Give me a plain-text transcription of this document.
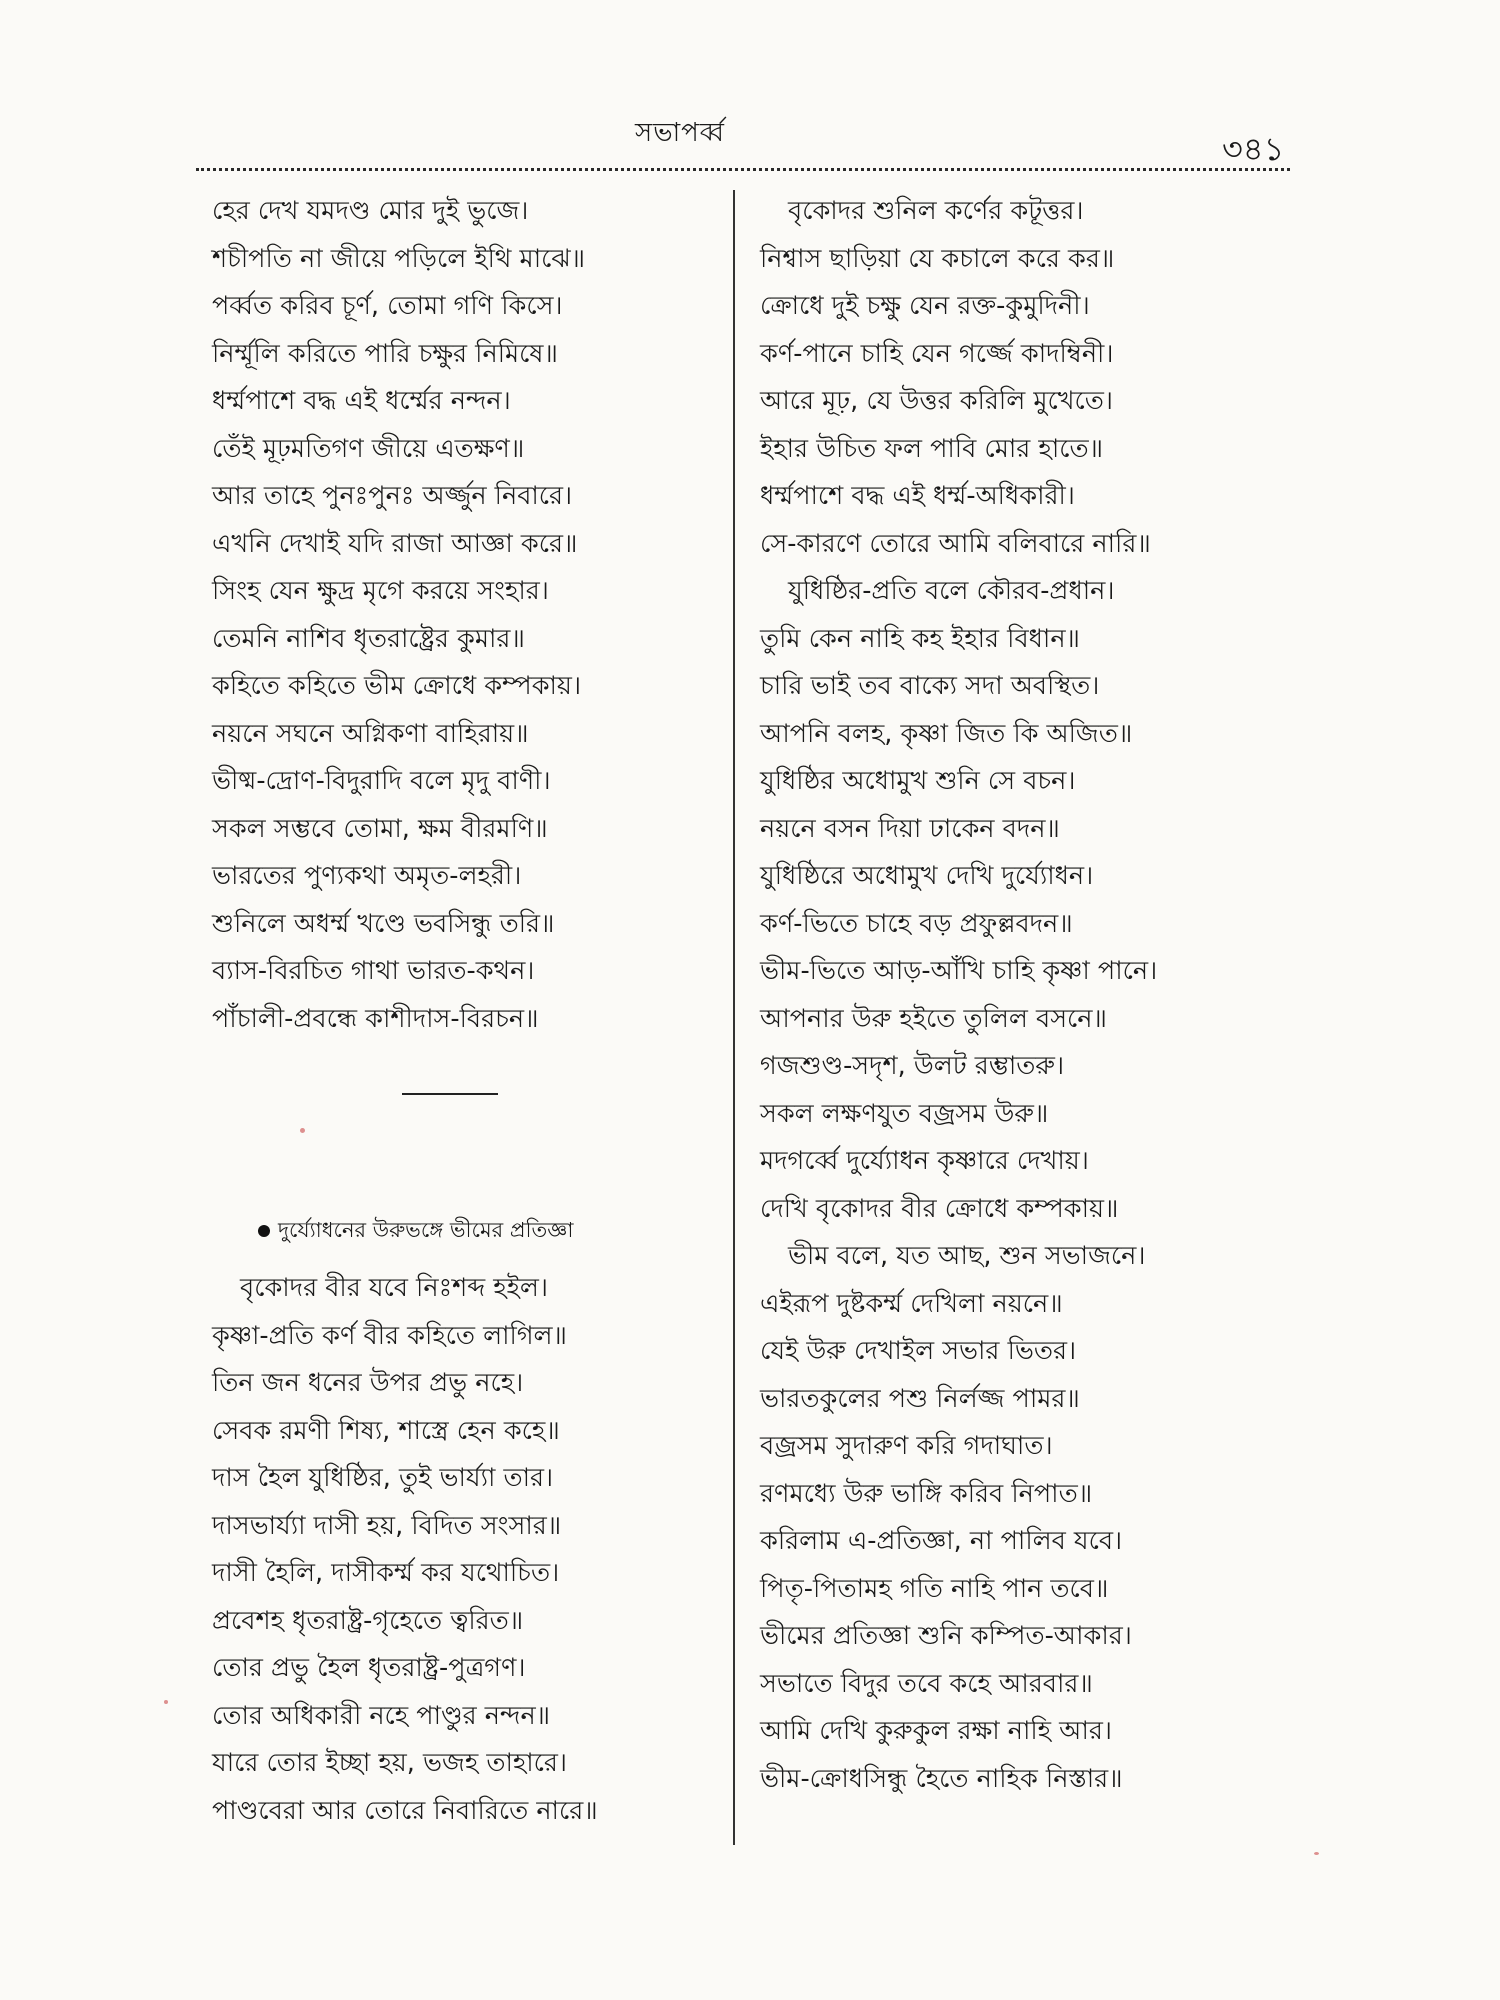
সভাপর্ব্ব	৩৪১
হের দেখ যমদণ্ড মোর দুই ভুজে।
শচীপতি না জীয়ে পড়িলে ইথি মাঝে॥
পর্ব্বত করিব চূর্ণ, তোমা গণি কিসে।
নির্ম্মূলি করিতে পারি চক্ষুর নিমিষে॥
ধর্ম্মপাশে বদ্ধ এই ধর্ম্মের নন্দন।
তেঁই মূঢ়মতিগণ জীয়ে এতক্ষণ॥
আর তাহে পুনঃপুনঃ অর্জ্জুন নিবারে।
এখনি দেখাই যদি রাজা আজ্ঞা করে॥
সিংহ যেন ক্ষুদ্র মৃগে করয়ে সংহার।
তেমনি নাশিব ধৃতরাষ্ট্রের কুমার॥
কহিতে কহিতে ভীম ক্রোধে কম্পকায়।
নয়নে সঘনে অগ্নিকণা বাহিরায়॥
ভীষ্ম-দ্রোণ-বিদুরাদি বলে মৃদু বাণী।
সকল সম্ভবে তোমা, ক্ষম বীরমণি॥
ভারতের পুণ্যকথা অমৃত-লহরী।
শুনিলে অধর্ম্ম খণ্ডে ভবসিন্ধু তরি॥
ব্যাস-বিরচিত গাথা ভারত-কথন।
পাঁচালী-প্রবন্ধে কাশীদাস-বিরচন॥
দুর্য্যোধনের উরুভঙ্গে ভীমের প্রতিজ্ঞা
বৃকোদর বীর যবে নিঃশব্দ হইল।
কৃষ্ণা-প্রতি কর্ণ বীর কহিতে লাগিল॥
তিন জন ধনের উপর প্রভু নহে।
সেবক রমণী শিষ্য, শাস্ত্রে হেন কহে॥
দাস হৈল যুধিষ্ঠির, তুই ভার্য্যা তার।
দাসভার্য্যা দাসী হয়, বিদিত সংসার॥
দাসী হৈলি, দাসীকর্ম্ম কর যথোচিত।
প্রবেশহ ধৃতরাষ্ট্র-গৃহেতে ত্বরিত॥
তোর প্রভু হৈল ধৃতরাষ্ট্র-পুত্রগণ।
তোর অধিকারী নহে পাণ্ডুর নন্দন॥
যারে তোর ইচ্ছা হয়, ভজহ তাহারে।
পাণ্ডবেরা আর তোরে নিবারিতে নারে॥
বৃকোদর শুনিল কর্ণের কটূত্তর।
নিশ্বাস ছাড়িয়া যে কচালে করে কর॥
ক্রোধে দুই চক্ষু যেন রক্ত-কুমুদিনী।
কর্ণ-পানে চাহি যেন গর্জ্জে কাদম্বিনী।
আরে মূঢ়, যে উত্তর করিলি মুখেতে।
ইহার উচিত ফল পাবি মোর হাতে॥
ধর্ম্মপাশে বদ্ধ এই ধর্ম্ম-অধিকারী।
সে-কারণে তোরে আমি বলিবারে নারি॥
যুধিষ্ঠির-প্রতি বলে কৌরব-প্রধান।
তুমি কেন নাহি কহ ইহার বিধান॥
চারি ভাই তব বাক্যে সদা অবস্থিত।
আপনি বলহ, কৃষ্ণা জিত কি অজিত॥
যুধিষ্ঠির অধোমুখ শুনি সে বচন।
নয়নে বসন দিয়া ঢাকেন বদন॥
যুধিষ্ঠিরে অধোমুখ দেখি দুর্য্যোধন।
কর্ণ-ভিতে চাহে বড় প্রফুল্লবদন॥
ভীম-ভিতে আড়-আঁখি চাহি কৃষ্ণা পানে।
আপনার উরু হইতে তুলিল বসনে॥
গজশুণ্ড-সদৃশ, উলট রম্ভাতরু।
সকল লক্ষণযুত বজ্রসম উরু॥
মদগর্ব্বে দুর্য্যোধন কৃষ্ণারে দেখায়।
দেখি বৃকোদর বীর ক্রোধে কম্পকায়॥
ভীম বলে, যত আছ, শুন সভাজনে।
এইরূপ দুষ্টকর্ম্ম দেখিলা নয়নে॥
যেই উরু দেখাইল সভার ভিতর।
ভারতকুলের পশু নির্লজ্জ পামর॥
বজ্রসম সুদারুণ করি গদাঘাত।
রণমধ্যে উরু ভাঙ্গি করিব নিপাত॥
করিলাম এ-প্রতিজ্ঞা, না পালিব যবে।
পিতৃ-পিতামহ গতি নাহি পান তবে॥
ভীমের প্রতিজ্ঞা শুনি কম্পিত-আকার।
সভাতে বিদুর তবে কহে আরবার॥
আমি দেখি কুরুকুল রক্ষা নাহি আর।
ভীম-ক্রোধসিন্ধু হৈতে নাহিক নিস্তার॥
